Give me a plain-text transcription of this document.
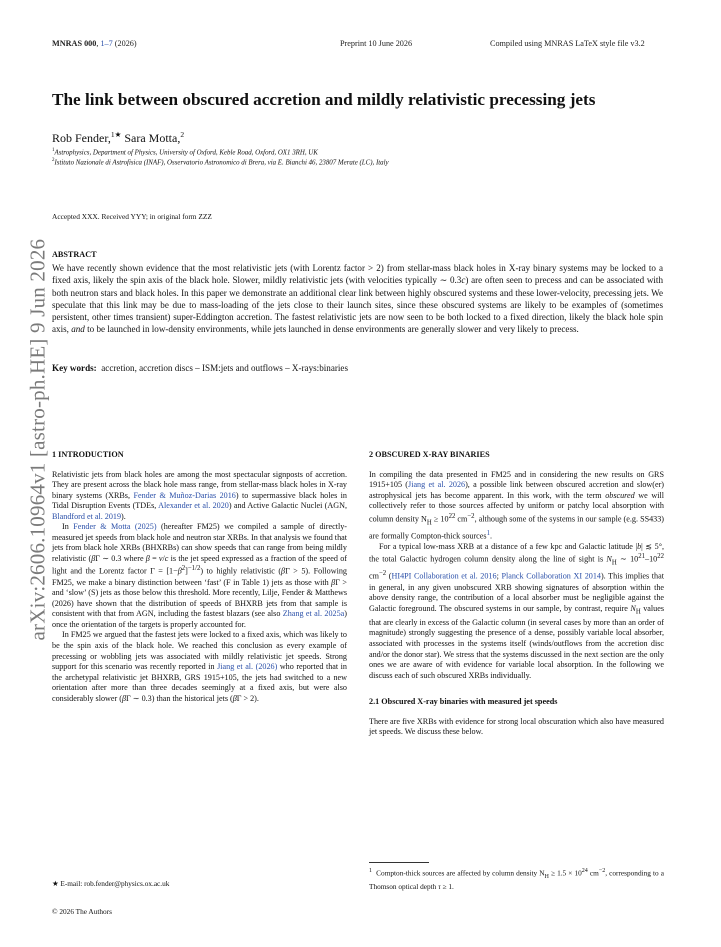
MNRAS 000, 1–7 (2026)	Preprint 10 June 2026	Compiled using MNRAS LaTeX style file v3.2
arXiv:2606.10964v1 [astro-ph.HE] 9 Jun 2026
The link between obscured accretion and mildly relativistic precessing jets
Rob Fender,$^{1★}$ Sara Motta,$^2$
$^1$Astrophysics, Department of Physics, University of Oxford, Keble Road, Oxford, OX1 3RH, UK
$^2$Istituto Nazionale di Astrofisica (INAF), Osservatorio Astronomico di Brera, via E. Bianchi 46, 23807 Merate (LC), Italy
Accepted XXX. Received YYY; in original form ZZZ
ABSTRACT
We have recently shown evidence that the most relativistic jets (with Lorentz factor > 2) from stellar-mass black holes in X-ray binary systems may be locked to a fixed axis, likely the spin axis of the black hole. Slower, mildly relativistic jets (with velocities typically ∼ 0.3c) are often seen to precess and can be associated with both neutron stars and black holes. In this paper we demonstrate an additional clear link between highly obscured systems and these lower-velocity, precessing jets. We speculate that this link may be due to mass-loading of the jets close to their launch sites, since these obscured systems are likely to be examples of (sometimes persistent, other times transient) super-Eddington accretion. The fastest relativistic jets are now seen to be both locked to a fixed direction, likely the black hole spin axis, and to be launched in low-density environments, while jets launched in dense environments are generally slower and very likely to precess.
Key words: accretion, accretion discs – ISM:jets and outflows – X-rays:binaries
1 INTRODUCTION

Relativistic jets from black holes are among the most spectacular signposts of accretion. They are present across the black hole mass range, from stellar-mass black holes in X-ray binary systems (XRBs, Fender & Muñoz-Darias 2016) to supermassive black holes in Tidal Disruption Events (TDEs, Alexander et al. 2020) and Active Galactic Nuclei (AGN, Blandford et al. 2019).

In Fender & Motta (2025) (hereafter FM25) we compiled a sample of directly-measured jet speeds from black hole and neutron star XRBs. In that analysis we found that jets from black hole XRBs (BHXRBs) can show speeds that can range from being mildly relativistic (βΓ ∼ 0.3 where β = v/c is the jet speed expressed as a fraction of the speed of light and the Lorentz factor $\Gamma = [1-\beta^2]^{-1/2}$) to highly relativistic (βΓ > 5). Following FM25, we make a binary distinction between ‘fast’ (F in Table 1) jets as those with βΓ > and ‘slow’ (S) jets as those below this threshold. More recently, Lilje, Fender & Matthews (2026) have shown that the distribution of speeds of BHXRB jets from that sample is consistent with that from AGN, including the fastest blazars (see also Zhang et al. 2025a) once the orientation of the targets is properly accounted for.

In FM25 we argued that the fastest jets were locked to a fixed axis, which was likely to be the spin axis of the black hole. We reached this conclusion as every example of precessing or wobbling jets was associated with mildly relativistic jet speeds. Strong support for this scenario was recently reported in Jiang et al. (2026) who reported that in the archetypal relativistic jet BHXRB, GRS 1915+105, the jets had switched to a new orientation after more than three decades seemingly at a fixed axis, but were also considerably slower (βΓ ∼ 0.3) than the historical jets (βΓ > 2).

2 OBSCURED X-RAY BINARIES

In compiling the data presented in FM25 and in considering the new results on GRS 1915+105 (Jiang et al. 2026), a possible link between obscured accretion and slow(er) astrophysical jets has become apparent. In this work, with the term obscured we will collectively refer to those sources affected by uniform or patchy local absorption with column density $N_H \ge 10^{22}$ $cm^{-2}$, although some of the systems in our sample (e.g. SS433) are formally Compton-thick sources$^1$.

For a typical low-mass XRB at a distance of a few kpc and Galactic latitude |b| ≲ 5°, the total Galactic hydrogen column density along the line of sight is $N_H$ ∼ $10^{21}-10^{22}$ $cm^{-2}$ (HI4PI Collaboration et al. 2016; Planck Collaboration XI 2014). This implies that in general, in any given unobscured XRB showing signatures of absorption within the above density range, the contribution of a local absorber must be negligible against the Galactic foreground. The obscured systems in our sample, by contrast, require $N_H$ values that are clearly in excess of the Galactic column (in several cases by more than an order of magnitude) strongly suggesting the presence of a dense, possibly variable local absorber, associated with processes in the systems itself (winds/outflows from the accretion disc and/or the donor star). We stress that the systems discussed in the next section are the only ones we are aware of with evidence for variable local absorption. In the following we discuss each of such obscured XRBs individually.

2.1 Obscured X-ray binaries with measured jet speeds

There are five XRBs with evidence for strong local obscuration which also have measured jet speeds. We discuss these below.

$^1$  Compton-thick sources are affected by column density $N_H \ge 1.5 \times 10^{24}$ $cm^{-2}$, corresponding to a Thomson optical depth τ ≥ 1.
★ E-mail: rob.fender@physics.ox.ac.uk
© 2026 The Authors
